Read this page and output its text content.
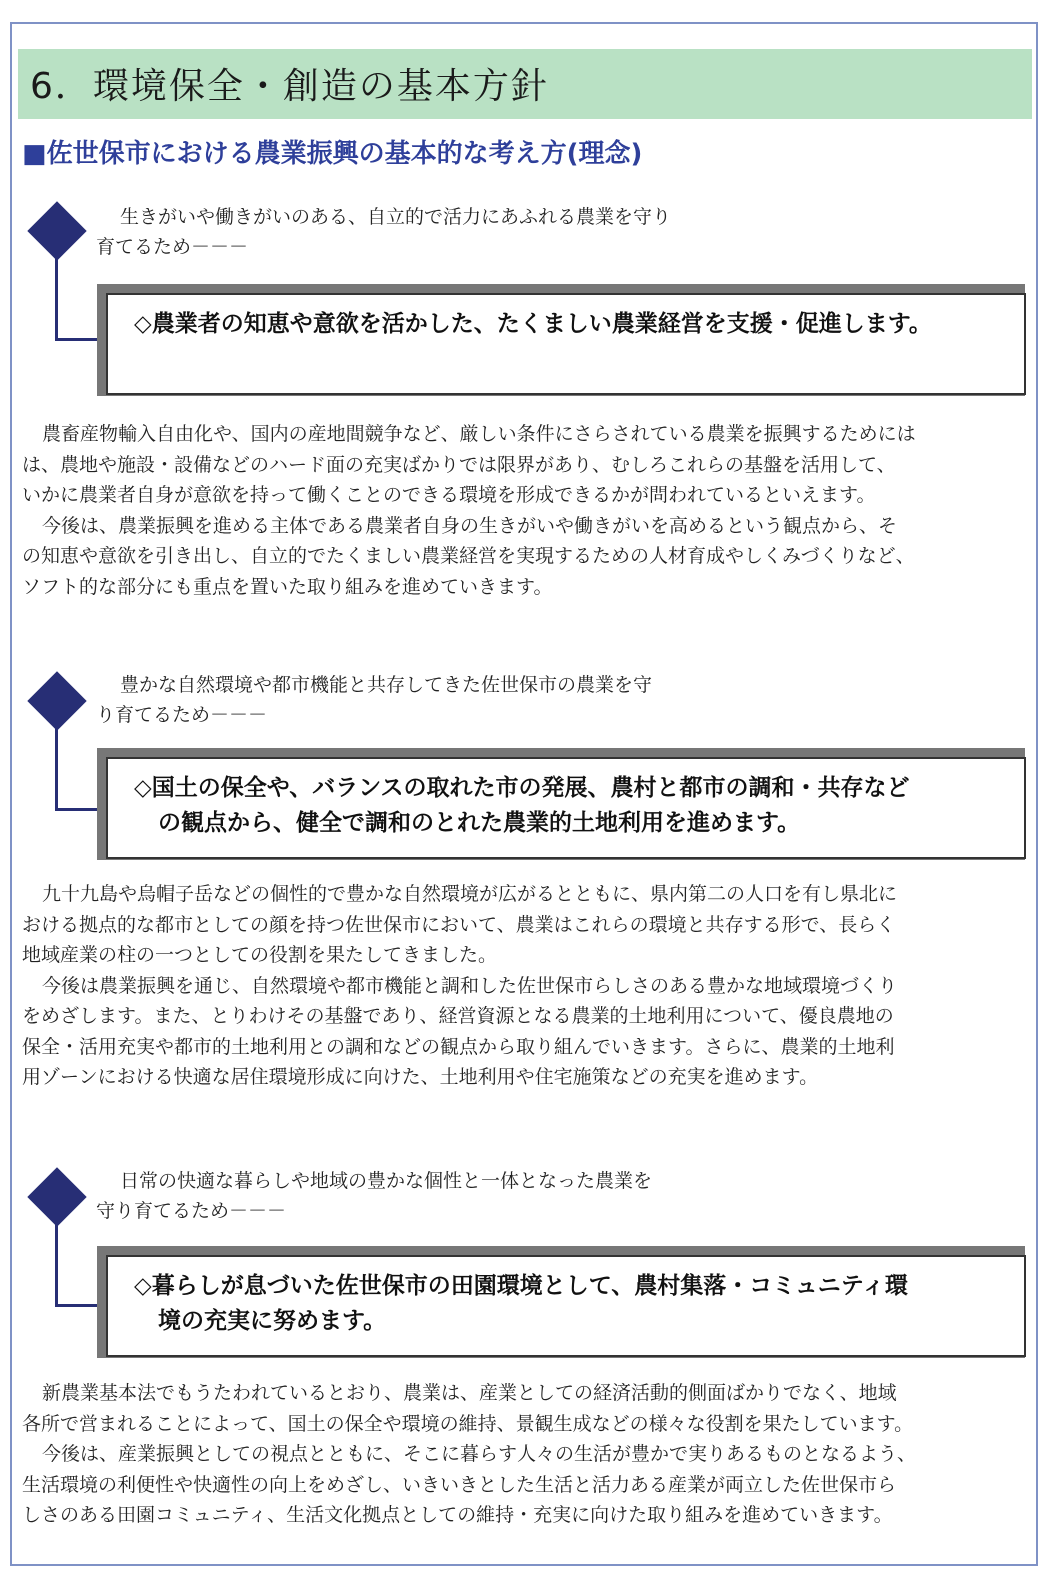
6．環境保全・創造の基本方針
■佐世保市における農業振興の基本的な考え方(理念)
生きがいや働きがいのある、自立的で活力にあふれる農業を守り
育てるため－－－
◇農業者の知恵や意欲を活かした、たくましい農業経営を支援・促進します。
農畜産物輸入自由化や、国内の産地間競争など、厳しい条件にさらされている農業を振興するためには
は、農地や施設・設備などのハード面の充実ばかりでは限界があり、むしろこれらの基盤を活用して、
いかに農業者自身が意欲を持って働くことのできる環境を形成できるかが問われているといえます。
今後は、農業振興を進める主体である農業者自身の生きがいや働きがいを高めるという観点から、そ
の知恵や意欲を引き出し、自立的でたくましい農業経営を実現するための人材育成やしくみづくりなど、
ソフト的な部分にも重点を置いた取り組みを進めていきます。
豊かな自然環境や都市機能と共存してきた佐世保市の農業を守
り育てるため－－－
◇国土の保全や、バランスの取れた市の発展、農村と都市の調和・共存など
の観点から、健全で調和のとれた農業的土地利用を進めます。
九十九島や烏帽子岳などの個性的で豊かな自然環境が広がるとともに、県内第二の人口を有し県北に
おける拠点的な都市としての顔を持つ佐世保市において、農業はこれらの環境と共存する形で、長らく
地域産業の柱の一つとしての役割を果たしてきました。
今後は農業振興を通じ、自然環境や都市機能と調和した佐世保市らしさのある豊かな地域環境づくり
をめざします。また、とりわけその基盤であり、経営資源となる農業的土地利用について、優良農地の
保全・活用充実や都市的土地利用との調和などの観点から取り組んでいきます。さらに、農業的土地利
用ゾーンにおける快適な居住環境形成に向けた、土地利用や住宅施策などの充実を進めます。
日常の快適な暮らしや地域の豊かな個性と一体となった農業を
守り育てるため－－－
◇暮らしが息づいた佐世保市の田園環境として、農村集落・コミュニティ環
境の充実に努めます。
新農業基本法でもうたわれているとおり、農業は、産業としての経済活動的側面ばかりでなく、地域
各所で営まれることによって、国土の保全や環境の維持、景観生成などの様々な役割を果たしています。
今後は、産業振興としての視点とともに、そこに暮らす人々の生活が豊かで実りあるものとなるよう、
生活環境の利便性や快適性の向上をめざし、いきいきとした生活と活力ある産業が両立した佐世保市ら
しさのある田園コミュニティ、生活文化拠点としての維持・充実に向けた取り組みを進めていきます。
